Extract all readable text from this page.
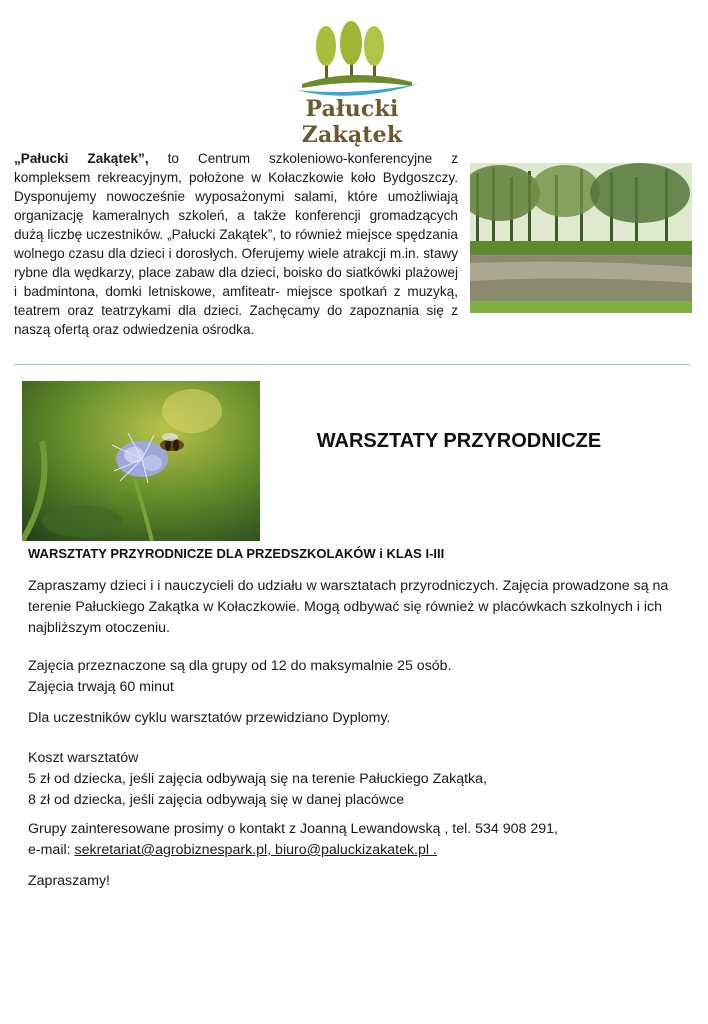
Pałucki Zakątek
„Pałucki Zakątek”, to Centrum szkoleniowo-konferencyjne z kompleksem rekreacyjnym, położone w Kołaczkowie koło Bydgoszczy. Dysponujemy nowocześnie wyposażonymi salami, które umożliwiają organizację kameralnych szkoleń, a także konferencji gromadzących dużą liczbę uczestników. „Pałucki Zakątek”, to również miejsce spędzania wolnego czasu dla dzieci i dorosłych. Oferujemy wiele atrakcji m.in. stawy rybne dla wędkarzy, place zabaw dla dzieci, boisko do siatkówki plażowej i badmintona, domki letniskowe, amfiteatr- miejsce spotkań z muzyką, teatrem oraz teatrzykami dla dzieci. Zachęcamy do zapoznania się z naszą ofertą oraz odwiedzenia ośrodka.
WARSZTATY PRZYRODNICZE
WARSZTATY PRZYRODNICZE DLA PRZEDSZKOLAKÓW i KLAS I-III
Zapraszamy dzieci i i nauczycieli do udziału w warsztatach przyrodniczych. Zajęcia prowadzone są na terenie Pałuckiego Zakątka w Kołaczkowie. Mogą odbywać się również w placówkach szkolnych i ich najbliższym otoczeniu.
Zajęcia przeznaczone są dla grupy od 12 do maksymalnie 25 osób.
Zajęcia trwają 60 minut
Dla uczestników cyklu warsztatów przewidziano Dyplomy.
Koszt warsztatów
5 zł od dziecka, jeśli zajęcia odbywają się na terenie Pałuckiego Zakątka,
8 zł od dziecka, jeśli zajęcia odbywają się w danej placówce
Grupy zainteresowane prosimy o kontakt z Joanną Lewandowską , tel. 534 908 291,
e-mail: sekretariat@agrobiznespark.pl, biuro@paluckizakatek.pl .
Zapraszamy!
